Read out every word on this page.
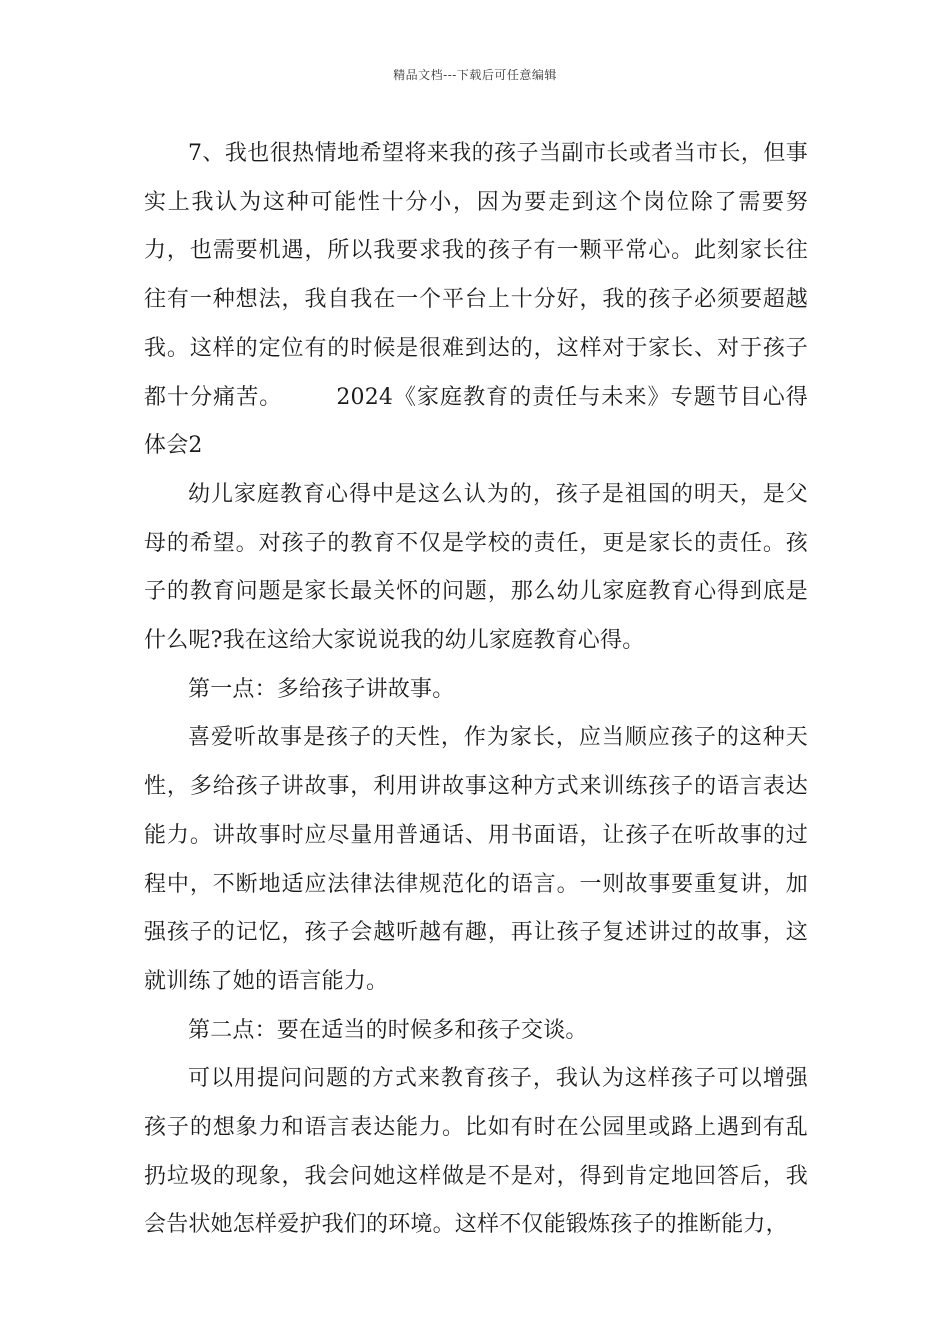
精品文档---下载后可任意编辑

7、我也很热情地希望将来我的孩子当副市长或者当市长，但事实上我认为这种可能性十分小，因为要走到这个岗位除了需要努力，也需要机遇，所以我要求我的孩子有一颗平常心。此刻家长往往有一种想法，我自我在一个平台上十分好，我的孩子必须要超越我。这样的定位有的时候是很难到达的，这样对于家长、对于孩子都十分痛苦。 2024《家庭教育的责任与未来》专题节目心得体会2

幼儿家庭教育心得中是这么认为的，孩子是祖国的明天，是父母的希望。对孩子的教育不仅是学校的责任，更是家长的责任。孩子的教育问题是家长最关怀的问题，那么幼儿家庭教育心得到底是什么呢?我在这给大家说说我的幼儿家庭教育心得。

第一点：多给孩子讲故事。

喜爱听故事是孩子的天性，作为家长，应当顺应孩子的这种天性，多给孩子讲故事，利用讲故事这种方式来训练孩子的语言表达能力。讲故事时应尽量用普通话、用书面语，让孩子在听故事的过程中，不断地适应法律法律规范化的语言。一则故事要重复讲，加强孩子的记忆，孩子会越听越有趣，再让孩子复述讲过的故事，这就训练了她的语言能力。

第二点：要在适当的时候多和孩子交谈。

可以用提问问题的方式来教育孩子，我认为这样孩子可以增强孩子的想象力和语言表达能力。比如有时在公园里或路上遇到有乱扔垃圾的现象，我会问她这样做是不是对，得到肯定地回答后，我会告状她怎样爱护我们的环境。这样不仅能锻炼孩子的推断能力，
